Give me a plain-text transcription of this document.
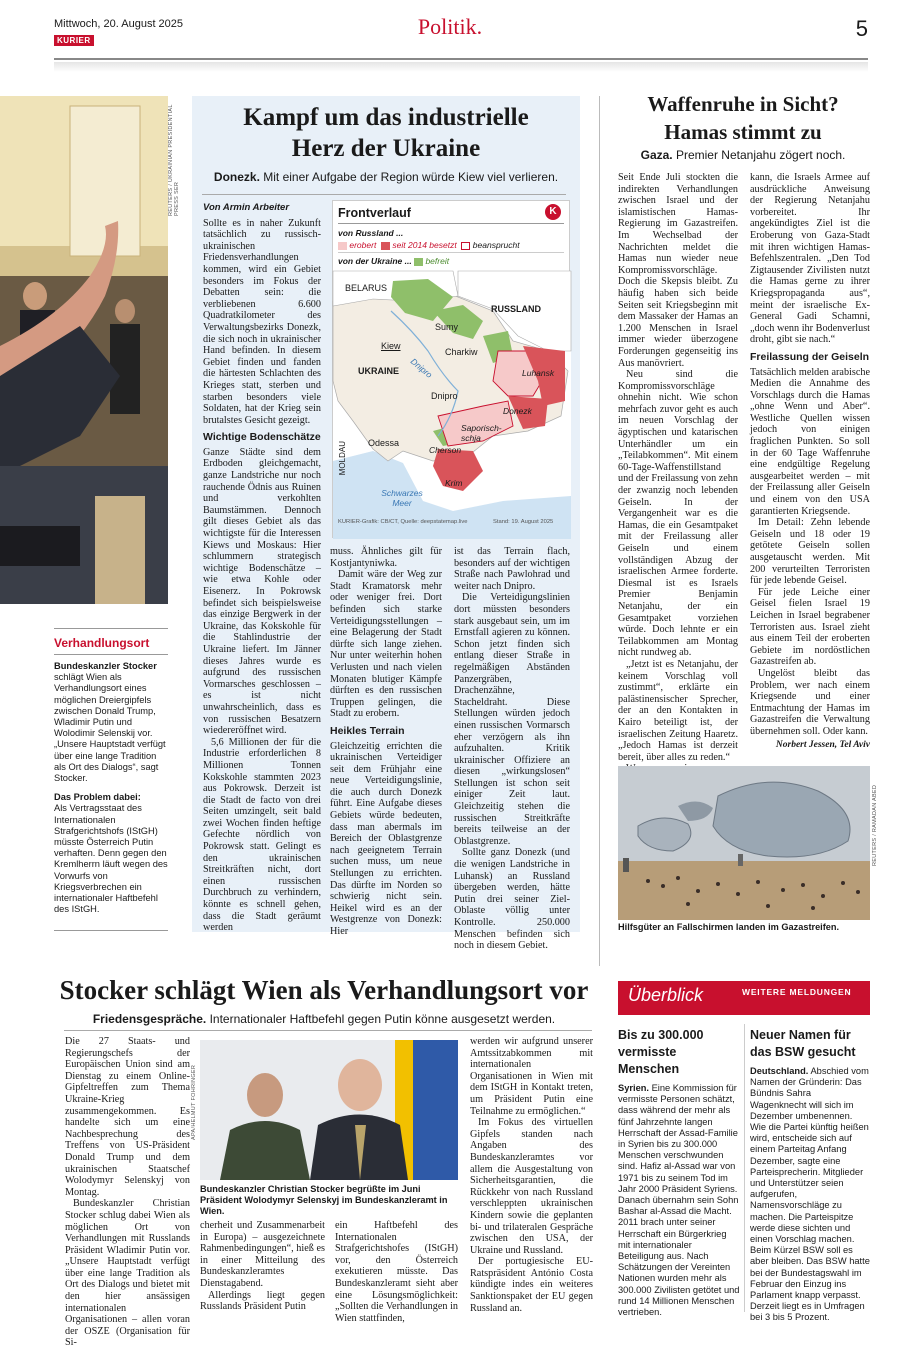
Mittwoch, 20. August 2025
KURIER
Politik.	5
REUTERS / UKRAINIAN PRESIDENTIAL PRESS SER
Verhandlungsort
Bundeskanzler Stocker schlägt Wien als Verhandlungsort eines möglichen Dreiergipfels zwischen Donald Trump, Wladimir Putin und Wolodimir Selenskij vor. „Unsere Hauptstadt verfügt über eine lange Tradition als Ort des Dialogs“, sagt Stocker.
Das Problem dabei:
Als Vertragsstaat des Internationalen Strafgerichtshofs (IStGH) müsste Österreich Putin verhaften. Denn gegen den Kremlherrn läuft wegen des Vorwurfs von Kriegsverbrechen ein internationaler Haftbefehl des IStGH.
Kampf um das industrielle
Herz der Ukraine
Donezk. Mit einer Aufgabe der Region würde Kiew viel verlieren.
Von Armin Arbeiter

Sollte es in naher Zukunft tatsächlich zu russisch-ukrainischen Friedensverhandlungen kommen, wird ein Gebiet besonders im Fokus der Debatten sein: die verbliebenen 6.600 Quadratkilometer des Verwaltungsbezirks Donezk, die sich noch in ukrainischer Hand befinden. In diesem Gebiet finden und fanden die härtesten Schlachten des Krieges statt, sterben und starben besonders viele Soldaten, hat der Krieg sein brutalstes Gesicht gezeigt.

Wichtige Bodenschätze

Ganze Städte sind dem Erdboden gleichgemacht, ganze Landstriche nur noch rauchende Ödnis aus Ruinen und verkohlten Baumstämmen. Dennoch gilt dieses Gebiet als das wichtigste für die Interessen Kiews und Moskaus: Hier schlummern strategisch wichtige Bodenschätze – wie etwa Kohle oder Eisenerz. In Pokrowsk befindet sich beispielsweise das einzige Bergwerk in der Ukraine, das Kokskohle für die Stahlindustrie der Ukraine liefert. Im Jänner dieses Jahres wurde es aufgrund des russischen Vormarsches geschlossen – es ist nicht unwahrscheinlich, dass es von russischen Besatzern wiedereröffnet wird.

5,6 Millionen der für die Industrie erforderlichen 8 Millionen Tonnen Kokskohle stammten 2023 aus Pokrowsk. Derzeit ist die Stadt de facto von drei Seiten umzingelt, seit bald zwei Wochen finden heftige Gefechte nördlich von Pokrowsk statt. Gelingt es den ukrainischen Streitkräften nicht, dort einen russischen Durchbruch zu verhindern, könnte es schnell gehen, dass die Stadt geräumt werden

Frontverlauf	K
von Russland ...
erobert seit 2014 besetzt beansprucht
von der Ukraine ... befreit
BELARUS
RUSSLAND
UKRAINE
MOLDAU
Kiew
Sumy
Charkiw
Dnipro
Dnipro
Luhansk
Donezk
Saporisch-schja
Odessa
Cherson
Krim
Schwarzes Meer
KURIER-Grafik: CB/CT, Quelle: deepstatemap.live	Stand: 19. August 2025

muss. Ähnliches gilt für Kostjantyniwka.

Damit wäre der Weg zur Stadt Kramatorsk mehr oder weniger frei. Dort befinden sich starke Verteidigungsstellungen – eine Belagerung der Stadt dürfte sich lange ziehen. Nur unter weiterhin hohen Verlusten und nach vielen Monaten blutiger Kämpfe dürften es den russischen Truppen gelingen, die Stadt zu erobern.

Heikles Terrain

Gleichzeitig errichten die ukrainischen Verteidiger seit dem Frühjahr eine neue Verteidigungslinie, die auch durch Donezk führt. Eine Aufgabe dieses Gebiets würde bedeuten, dass man abermals im Bereich der Oblastgrenze nach geeignetem Terrain suchen muss, um neue Stellungen zu errichten. Das dürfte im Norden so schwierig nicht sein. Heikel wird es an der Westgrenze von Donezk: Hier

ist das Terrain flach, besonders auf der wichtigen Straße nach Pawlohrad und weiter nach Dnipro.

Die Verteidigungslinien dort müssten besonders stark ausgebaut sein, um im Ernstfall agieren zu können. Schon jetzt finden sich entlang dieser Straße in regelmäßigen Abständen Panzergräben, Drachenzähne, Stacheldraht. Diese Stellungen würden jedoch einen russischen Vormarsch eher verzögern als ihn aufzuhalten. Kritik ukrainischer Offiziere an diesen „wirkungslosen“ Stellungen ist schon seit einiger Zeit laut. Gleichzeitig stehen die russischen Streitkräfte bereits teilweise an der Oblastgrenze.

Sollte ganz Donezk (und die wenigen Landstriche in Luhansk) an Russland übergeben werden, hätte Putin drei seiner Ziel-Oblaste völlig unter Kontrolle. 250.000 Menschen befinden sich noch in diesem Gebiet.

Waffenruhe in Sicht?
Hamas stimmt zu
Gaza. Premier Netanjahu zögert noch.

Seit Ende Juli stockten die indirekten Verhandlungen zwischen Israel und der islamistischen Hamas-Regierung im Gazastreifen. Im Wechselbad der Nachrichten meldet die Hamas nun wieder neue Kompromissvorschläge. Doch die Skepsis bleibt. Zu häufig haben sich beide Seiten seit Kriegsbeginn mit dem Massaker der Hamas an 1.200 Menschen in Israel immer wieder überzogene Forderungen gegenseitig ins Aus manövriert.

Neu sind die Kompromissvorschläge ohnehin nicht. Wie schon mehrfach zuvor geht es auch im neuen Vorschlag der ägyptischen und katarischen Unterhändler um ein „Teilabkommen“. Mit einem 60-Tage-Waffenstillstand und der Freilassung von zehn der zwanzig noch lebenden Geiseln. In der Vergangenheit war es die Hamas, die ein Gesamtpaket mit der Freilassung aller Geiseln und einem vollständigen Abzug der israelischen Armee forderte. Diesmal ist es Israels Premier Benjamin Netanjahu, der ein Gesamtpaket vorziehen würde. Doch lehnte er ein Teilabkommen am Montag nicht rundweg ab.

„Jetzt ist es Netanjahu, der keinem Vorschlag voll zustimmt“, erklärte ein palästinensischer Sprecher, der an den Kontakten in Kairo beteiligt ist, der israelischen Zeitung Haaretz. „Jedoch Hamas ist derzeit bereit, über alles zu reden.“

kann, die Israels Armee auf ausdrückliche Anweisung der Regierung Netanjahu vorbereitet. Ihr angekündigtes Ziel ist die Eroberung von Gaza-Stadt mit ihren wichtigen Hamas-Befehlszentralen. „Den Tod Zigtausender Zivilisten nutzt die Hamas gerne zu ihrer Kriegspropaganda aus“, meint der israelische Ex-General Gadi Schamni, „doch wenn ihr Bodenverlust droht, gibt sie nach.“

Freilassung der Geiseln

Tatsächlich melden arabische Medien die Annahme des Vorschlags durch die Hamas „ohne Wenn und Aber“. Westliche Quellen wissen jedoch von einigen fraglichen Punkten. So soll in der 60 Tage Waffenruhe eine endgültige Regelung ausgearbeitet werden – mit der Freilassung aller Geiseln und einem von den USA garantierten Kriegsende.

Im Detail: Zehn lebende Geiseln und 18 oder 19 getötete Geiseln sollen ausgetauscht werden. Mit 200 verurteilten Terroristen für jede lebende Geisel.

Für jede Leiche einer Geisel fielen Israel 19 Leichen in Israel begrabener Terroristen aus. Israel zieht aus einem Teil der eroberten Gebiete im nordöstlichen Gazastreifen ab.

Ungelöst bleibt das Problem, wer nach einem Kriegsende und einer Entmachtung der Hamas im Gazastreifen die Verwaltung übernehmen soll. Oder kann.

Norbert Jessen, Tel Aviv
REUTERS / RAMADAN ABED
Hilfsgüter an Fallschirmen landen im Gazastreifen.
Stocker schlägt Wien als Verhandlungsort vor
Friedensgespräche. Internationaler Haftbefehl gegen Putin könne ausgesetzt werden.

Die 27 Staats- und Regierungschefs der Europäischen Union sind am Dienstag zu einem Online-Gipfeltreffen zum Thema Ukraine-Krieg zusammengekommen. Es handelte sich um eine Nachbesprechung des Treffens von US-Präsident Donald Trump und dem ukrainischen Staatschef Wolodymyr Selenskyj von Montag.

Bundeskanzler Christian Stocker schlug dabei Wien als möglichen Ort von Verhandlungen mit Russlands Präsident Wladimir Putin vor. „Unsere Hauptstadt verfügt über eine lange Tradition als Ort des Dialogs und bietet mit den hier ansässigen internationalen Organisationen – allen voran der OSZE (Organisation für Si-

APA/HELMUT FOHRINGER
Bundeskanzler Christian Stocker begrüßte im Juni Präsident Wolodymyr Selenskyj im Bundeskanzleramt in Wien.

cherheit und Zusammenarbeit in Europa) – ausgezeichnete Rahmenbedingungen“, hieß es in einer Mitteilung des Bundeskanzleramtes Dienstagabend.

Allerdings liegt gegen Russlands Präsident Putin

ein Haftbefehl des Internationalen Strafgerichtshofes (IStGH) vor, den Österreich exekutieren müsste. Das Bundeskanzleramt sieht aber eine Lösungsmöglichkeit: „Sollten die Verhandlungen in Wien stattfinden,

werden wir aufgrund unserer Amtssitzabkommen mit internationalen Organisationen in Wien mit dem IStGH in Kontakt treten, um Präsident Putin eine Teilnahme zu ermöglichen.“

Im Fokus des virtuellen Gipfels standen nach Angaben des Bundeskanzleramtes vor allem die Ausgestaltung von Sicherheitsgarantien, die Rückkehr von nach Russland verschleppten ukrainischen Kindern sowie die geplanten bi- und trilateralen Gespräche zwischen den USA, der Ukraine und Russland.

Der portugiesische EU-Ratspräsident António Costa kündigte indes ein weiteres Sanktionspaket der EU gegen Russland an.

Überblick	WEITERE MELDUNGEN
Bis zu 300.000
vermisste Menschen
Syrien. Eine Kommission für vermisste Personen schätzt, dass während der mehr als fünf Jahrzehnte langen Herrschaft der Assad-Familie in Syrien bis zu 300.000 Menschen verschwunden sind. Hafiz al-Assad war von 1971 bis zu seinem Tod im Jahr 2000 Präsident Syriens. Danach übernahm sein Sohn Bashar al-Assad die Macht. 2011 brach unter seiner Herrschaft ein Bürgerkrieg mit internationaler Beteiligung aus. Nach Schätzungen der Vereinten Nationen wurden mehr als 300.000 Zivilisten getötet und rund 14 Millionen Menschen vertrieben.
Neuer Namen für
das BSW gesucht
Deutschland. Abschied vom Namen der Gründerin: Das Bündnis Sahra Wagenknecht will sich im Dezember umbenennen. Wie die Partei künftig heißen wird, entscheide sich auf einem Parteitag Anfang Dezember, sagte eine Parteisprecherin. Mitglieder und Unterstützer seien aufgerufen, Namensvorschläge zu machen. Die Parteispitze werde diese sichten und einen Vorschlag machen. Beim Kürzel BSW soll es aber bleiben. Das BSW hatte bei der Bundestagswahl im Februar den Einzug ins Parlament knapp verpasst. Derzeit liegt es in Umfragen bei 3 bis 5 Prozent.
